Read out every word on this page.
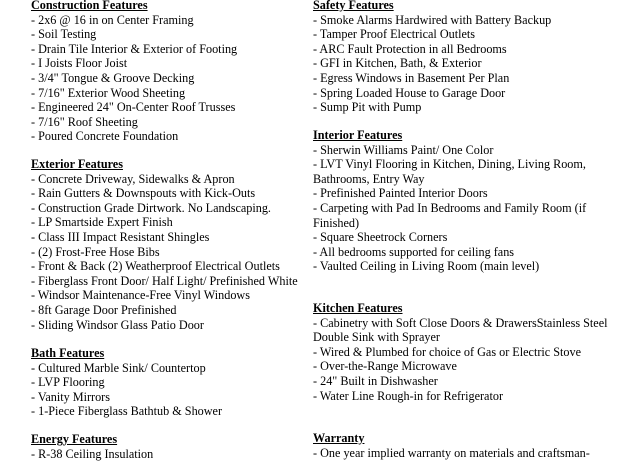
Construction Features
- 2x6 @ 16 in on Center Framing
- Soil Testing
- Drain Tile Interior & Exterior of Footing
- I Joists Floor Joist
- 3/4" Tongue & Groove Decking
- 7/16" Exterior Wood Sheeting
- Engineered 24" On-Center Roof Trusses
- 7/16" Roof Sheeting
- Poured Concrete Foundation
Exterior Features
- Concrete Driveway, Sidewalks & Apron
- Rain Gutters & Downspouts with Kick-Outs
- Construction Grade Dirtwork. No Landscaping.
- LP Smartside Expert Finish
- Class III Impact Resistant Shingles
- (2) Frost-Free Hose Bibs
- Front & Back (2) Weatherproof Electrical Outlets
- Fiberglass Front Door/ Half Light/ Prefinished White
- Windsor Maintenance-Free Vinyl Windows
- 8ft Garage Door Prefinished
- Sliding Windsor Glass Patio Door
Bath Features
- Cultured Marble Sink/ Countertop
- LVP Flooring
- Vanity Mirrors
- 1-Piece Fiberglass Bathtub & Shower
Energy Features
- R-38 Ceiling Insulation
Safety Features
- Smoke Alarms Hardwired with Battery Backup
- Tamper Proof Electrical Outlets
- ARC Fault Protection in all Bedrooms
- GFI in Kitchen, Bath, & Exterior
- Egress Windows in Basement Per Plan
- Spring Loaded House to Garage Door
- Sump Pit with Pump
Interior Features
- Sherwin Williams Paint/ One Color
- LVT Vinyl Flooring in Kitchen, Dining, Living Room, Bathrooms, Entry Way
- Prefinished Painted Interior Doors
- Carpeting with Pad In Bedrooms and Family Room (if Finished)
- Square Sheetrock Corners
- All bedrooms supported for ceiling fans
- Vaulted Ceiling in Living Room (main level)
Kitchen Features
- Cabinetry with Soft Close Doors & DrawersStainless Steel Double Sink with Sprayer
- Wired & Plumbed for choice of Gas or Electric Stove
- Over-the-Range Microwave
- 24" Built in Dishwasher
- Water Line Rough-in for Refrigerator
Warranty
- One year implied warranty on materials and craftsman-
